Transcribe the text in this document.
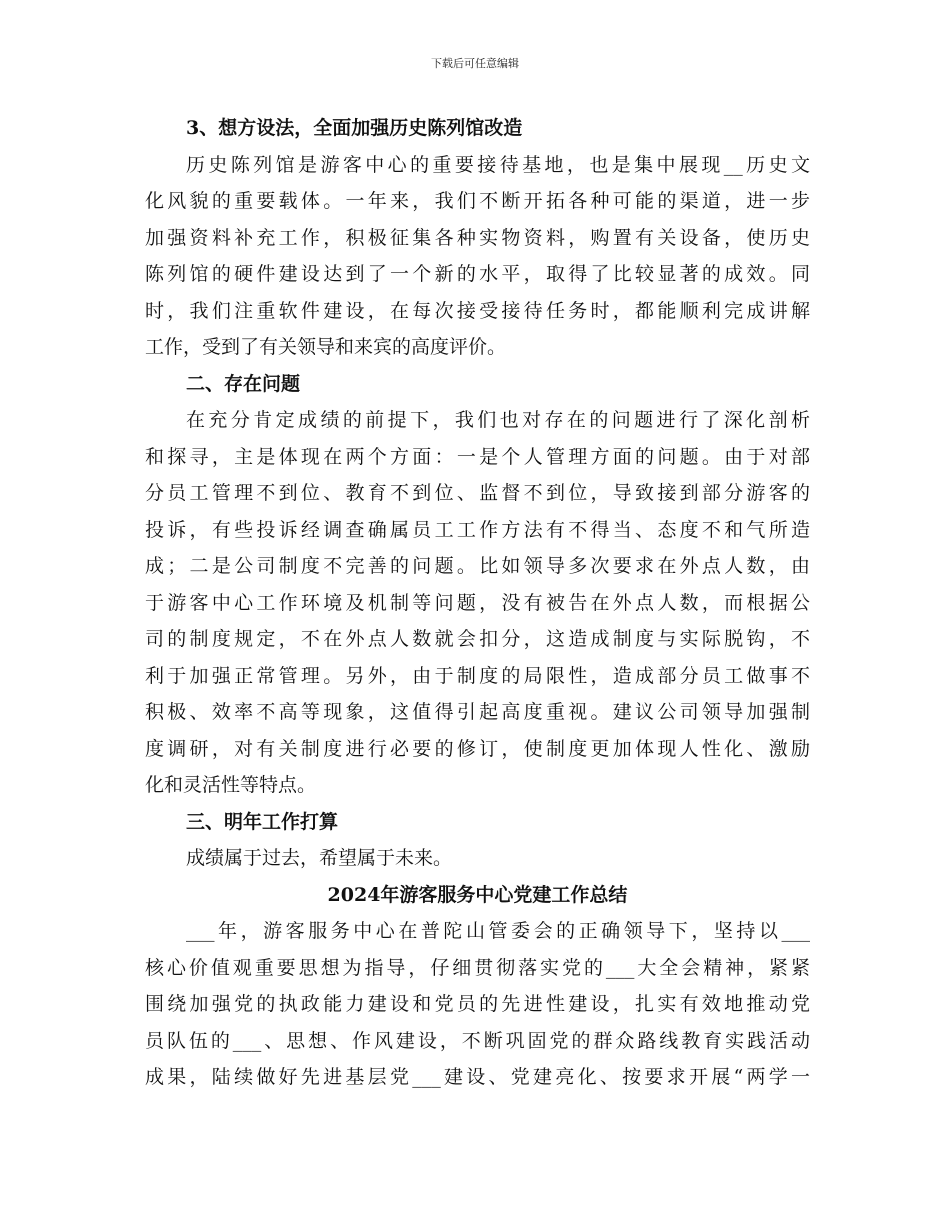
下载后可任意编辑
3、想方设法，全面加强历史陈列馆改造
历史陈列馆是游客中心的重要接待基地，也是集中展现__历史文
化风貌的重要载体。一年来，我们不断开拓各种可能的渠道，进一步
加强资料补充工作，积极征集各种实物资料，购置有关设备，使历史
陈列馆的硬件建设达到了一个新的水平，取得了比较显著的成效。同
时，我们注重软件建设，在每次接受接待任务时，都能顺利完成讲解
工作，受到了有关领导和来宾的高度评价。
二、存在问题
在充分肯定成绩的前提下，我们也对存在的问题进行了深化剖析
和探寻，主是体现在两个方面：一是个人管理方面的问题。由于对部
分员工管理不到位、教育不到位、监督不到位，导致接到部分游客的
投诉，有些投诉经调查确属员工工作方法有不得当、态度不和气所造
成；二是公司制度不完善的问题。比如领导多次要求在外点人数，由
于游客中心工作环境及机制等问题，没有被告在外点人数，而根据公
司的制度规定，不在外点人数就会扣分，这造成制度与实际脱钩，不
利于加强正常管理。另外，由于制度的局限性，造成部分员工做事不
积极、效率不高等现象，这值得引起高度重视。建议公司领导加强制
度调研，对有关制度进行必要的修订，使制度更加体现人性化、激励
化和灵活性等特点。
三、明年工作打算
成绩属于过去，希望属于未来。
2024年游客服务中心党建工作总结
___年，游客服务中心在普陀山管委会的正确领导下，坚持以___
核心价值观重要思想为指导，仔细贯彻落实党的___大全会精神，紧紧
围绕加强党的执政能力建设和党员的先进性建设，扎实有效地推动党
员队伍的___、思想、作风建设，不断巩固党的群众路线教育实践活动
成果，陆续做好先进基层党___建设、党建亮化、按要求开展“两学一
